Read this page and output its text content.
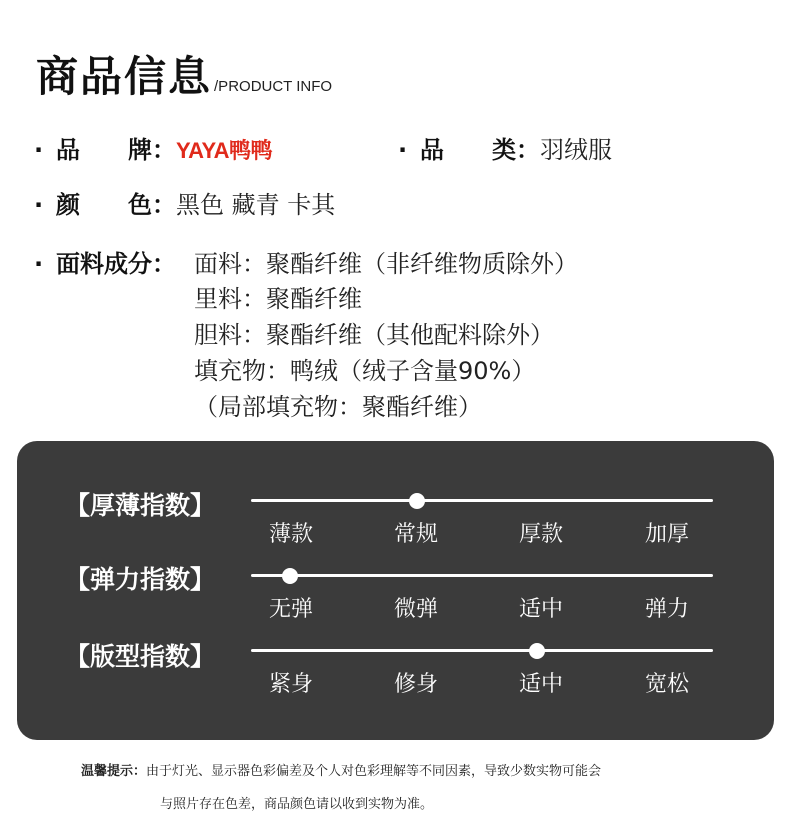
商品信息 /PRODUCT INFO
· 品　　牌：YAYA鸭鸭	· 品　　类：羽绒服
· 颜　　色：黑色 藏青 卡其
· 面料成分： 面料：聚酯纤维（非纤维物质除外）
里料：聚酯纤维
胆料：聚酯纤维（其他配料除外）
填充物：鸭绒（绒子含量90%）
（局部填充物：聚酯纤维）
【厚薄指数】
薄款	常规	厚款	加厚
【弹力指数】
无弹	微弹	适中	弹力
【版型指数】
紧身	修身	适中	宽松
温馨提示：由于灯光、显示器色彩偏差及个人对色彩理解等不同因素，导致少数实物可能会
与照片存在色差，商品颜色请以收到实物为准。
